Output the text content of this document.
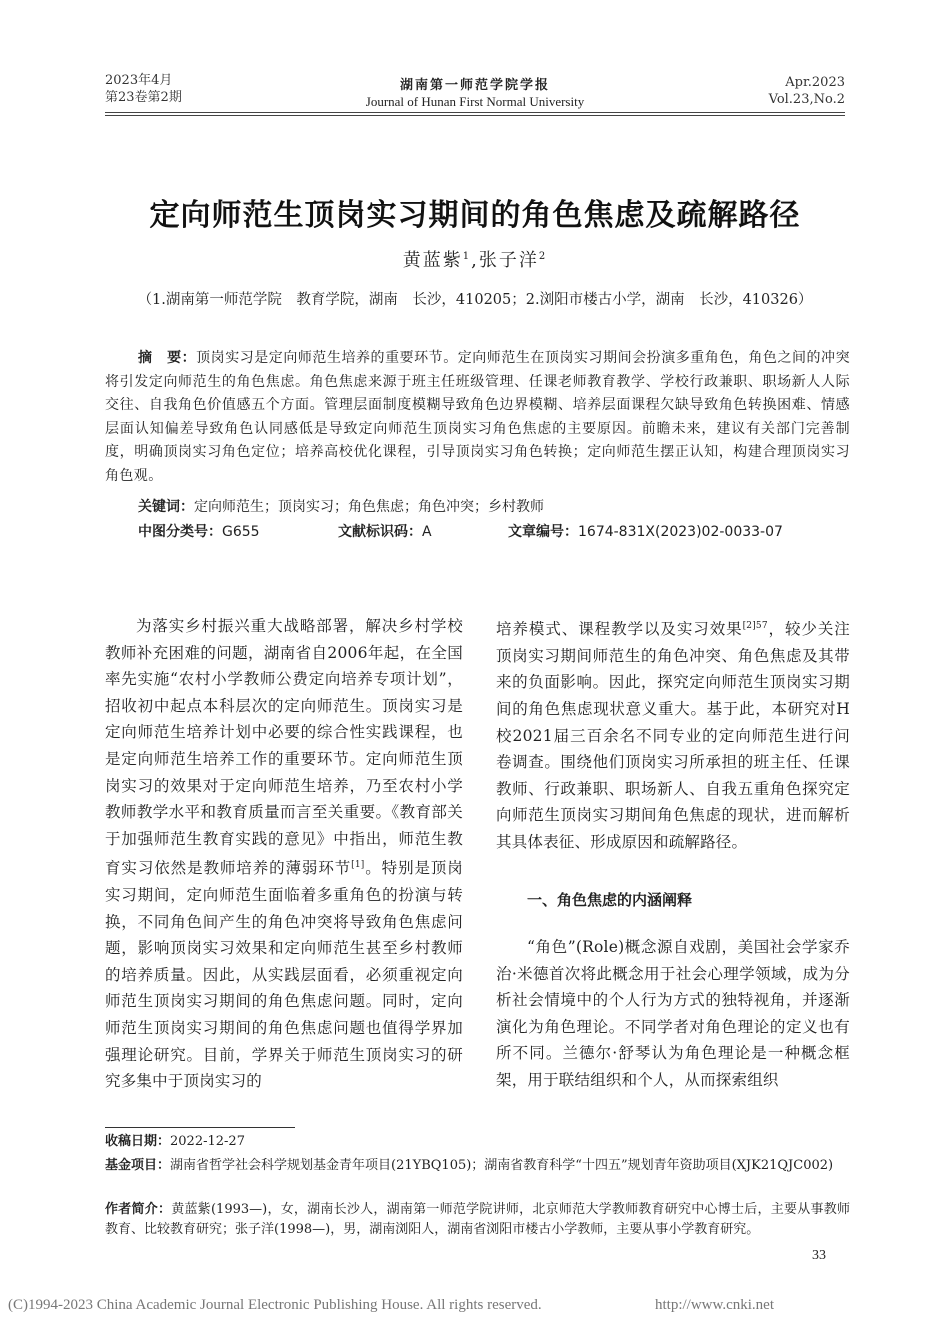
2023年4月
第23卷第2期
湖南第一师范学院学报
Journal of Hunan First Normal University
Apr.2023
Vol.23,No.2
定向师范生顶岗实习期间的角色焦虑及疏解路径
黄蓝紫$^1$,张子洋$^2$
（1.湖南第一师范学院　教育学院，湖南　长沙，410205；2.浏阳市楼古小学，湖南　长沙，410326）
摘　要：顶岗实习是定向师范生培养的重要环节。定向师范生在顶岗实习期间会扮演多重角色，角色之间的冲突将引发定向师范生的角色焦虑。角色焦虑来源于班主任班级管理、任课老师教育教学、学校行政兼职、职场新人人际交往、自我角色价值感五个方面。管理层面制度模糊导致角色边界模糊、培养层面课程欠缺导致角色转换困难、情感层面认知偏差导致角色认同感低是导致定向师范生顶岗实习角色焦虑的主要原因。前瞻未来，建议有关部门完善制度，明确顶岗实习角色定位；培养高校优化课程，引导顶岗实习角色转换；定向师范生摆正认知，构建合理顶岗实习角色观。
关键词：定向师范生；顶岗实习；角色焦虑；角色冲突；乡村教师
中图分类号：G655	文献标识码：A	文章编号：1674-831X(2023)02-0033-07

为落实乡村振兴重大战略部署，解决乡村学校教师补充困难的问题，湖南省自2006年起，在全国率先实施“农村小学教师公费定向培养专项计划”，招收初中起点本科层次的定向师范生。顶岗实习是定向师范生培养计划中必要的综合性实践课程，也是定向师范生培养工作的重要环节。定向师范生顶岗实习的效果对于定向师范生培养，乃至农村小学教师教学水平和教育质量而言至关重要。《教育部关于加强师范生教育实践的意见》中指出，师范生教育实习依然是教师培养的薄弱环节[1]。特别是顶岗实习期间，定向师范生面临着多重角色的扮演与转换，不同角色间产生的角色冲突将导致角色焦虑问题，影响顶岗实习效果和定向师范生甚至乡村教师的培养质量。因此，从实践层面看，必须重视定向师范生顶岗实习期间的角色焦虑问题。同时，定向师范生顶岗实习期间的角色焦虑问题也值得学界加强理论研究。目前，学界关于师范生顶岗实习的研究多集中于顶岗实习的

培养模式、课程教学以及实习效果$^{[2]57}$，较少关注顶岗实习期间师范生的角色冲突、角色焦虑及其带来的负面影响。因此，探究定向师范生顶岗实习期间的角色焦虑现状意义重大。基于此，本研究对H校2021届三百余名不同专业的定向师范生进行问卷调查。围绕他们顶岗实习所承担的班主任、任课教师、行政兼职、职场新人、自我五重角色探究定向师范生顶岗实习期间角色焦虑的现状，进而解析其具体表征、形成原因和疏解路径。

一、角色焦虑的内涵阐释

“角色”(Role)概念源自戏剧，美国社会学家乔治·米德首次将此概念用于社会心理学领域，成为分析社会情境中的个人行为方式的独特视角，并逐渐演化为角色理论。不同学者对角色理论的定义也有所不同。兰德尔·舒琴认为角色理论是一种概念框架，用于联结组织和个人，从而探索组织

收稿日期：2022-12-27
基金项目：湖南省哲学社会科学规划基金青年项目(21YBQ105)；湖南省教育科学“十四五”规划青年资助项目(XJK21QJC002)
作者简介：黄蓝紫(1993—)，女，湖南长沙人，湖南第一师范学院讲师，北京师范大学教师教育研究中心博士后，主要从事教师教育、比较教育研究；张子洋(1998—)，男，湖南浏阳人，湖南省浏阳市楼古小学教师，主要从事小学教育研究。
33
(C)1994-2023 China Academic Journal Electronic Publishing House. All rights reserved.	http://www.cnki.net
